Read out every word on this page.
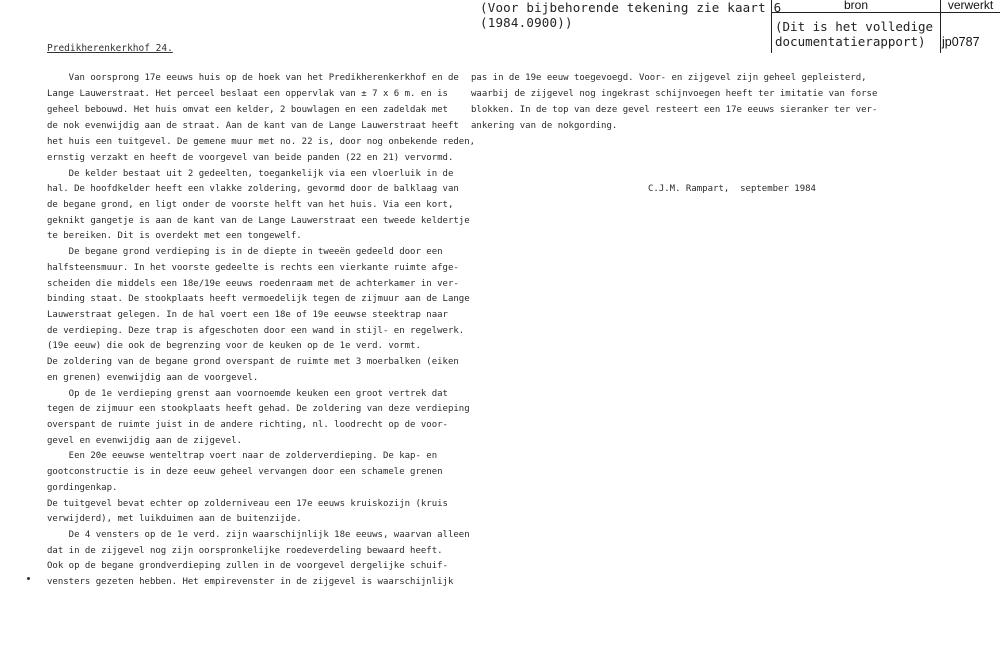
(Voor bijbehorende tekening zie kaart 6
(1984.0900))
bron	verwerkt
(Dit is het volledige
documentatierapport)	jp0787
Predikherenkerkhof 24.
Van oorsprong 17e eeuws huis op de hoek van het Predikherenkerkhof en de
Lange Lauwerstraat. Het perceel beslaat een oppervlak van ± 7 x 6 m. en is
geheel bebouwd. Het huis omvat een kelder, 2 bouwlagen en een zadeldak met
de nok evenwijdig aan de straat. Aan de kant van de Lange Lauwerstraat heeft
het huis een tuitgevel. De gemene muur met no. 22 is, door nog onbekende reden,
ernstig verzakt en heeft de voorgevel van beide panden (22 en 21) vervormd.
De kelder bestaat uit 2 gedeelten, toegankelijk via een vloerluik in de
hal. De hoofdkelder heeft een vlakke zoldering, gevormd door de balklaag van
de begane grond, en ligt onder de voorste helft van het huis. Via een kort,
geknikt gangetje is aan de kant van de Lange Lauwerstraat een tweede keldertje
te bereiken. Dit is overdekt met een tongewelf.
De begane grond verdieping is in de diepte in tweeën gedeeld door een
halfsteensmuur. In het voorste gedeelte is rechts een vierkante ruimte afge-
scheiden die middels een 18e/19e eeuws roedenraam met de achterkamer in ver-
binding staat. De stookplaats heeft vermoedelijk tegen de zijmuur aan de Lange
Lauwerstraat gelegen. In de hal voert een 18e of 19e eeuwse steektrap naar
de verdieping. Deze trap is afgeschoten door een wand in stijl- en regelwerk.
(19e eeuw) die ook de begrenzing voor de keuken op de 1e verd. vormt.
De zoldering van de begane grond overspant de ruimte met 3 moerbalken (eiken
en grenen) evenwijdig aan de voorgevel.
Op de 1e verdieping grenst aan voornoemde keuken een groot vertrek dat
tegen de zijmuur een stookplaats heeft gehad. De zoldering van deze verdieping
overspant de ruimte juist in de andere richting, nl. loodrecht op de voor-
gevel en evenwijdig aan de zijgevel.
Een 20e eeuwse wenteltrap voert naar de zolderverdieping. De kap- en
gootconstructie is in deze eeuw geheel vervangen door een schamele grenen
gordingenkap.
De tuitgevel bevat echter op zolderniveau een 17e eeuws kruiskozijn (kruis
verwijderd), met luikduimen aan de buitenzijde.
De 4 vensters op de 1e verd. zijn waarschijnlijk 18e eeuws, waarvan alleen
dat in de zijgevel nog zijn oorspronkelijke roedeverdeling bewaard heeft.
Ook op de begane grondverdieping zullen in de voorgevel dergelijke schuif-
vensters gezeten hebben. Het empirevenster in de zijgevel is waarschijnlijk
pas in de 19e eeuw toegevoegd. Voor- en zijgevel zijn geheel gepleisterd,
waarbij de zijgevel nog ingekrast schijnvoegen heeft ter imitatie van forse
blokken. In de top van deze gevel resteert een 17e eeuws sieranker ter ver-
ankering van de nokgording.
C.J.M. Rampart,  september 1984
